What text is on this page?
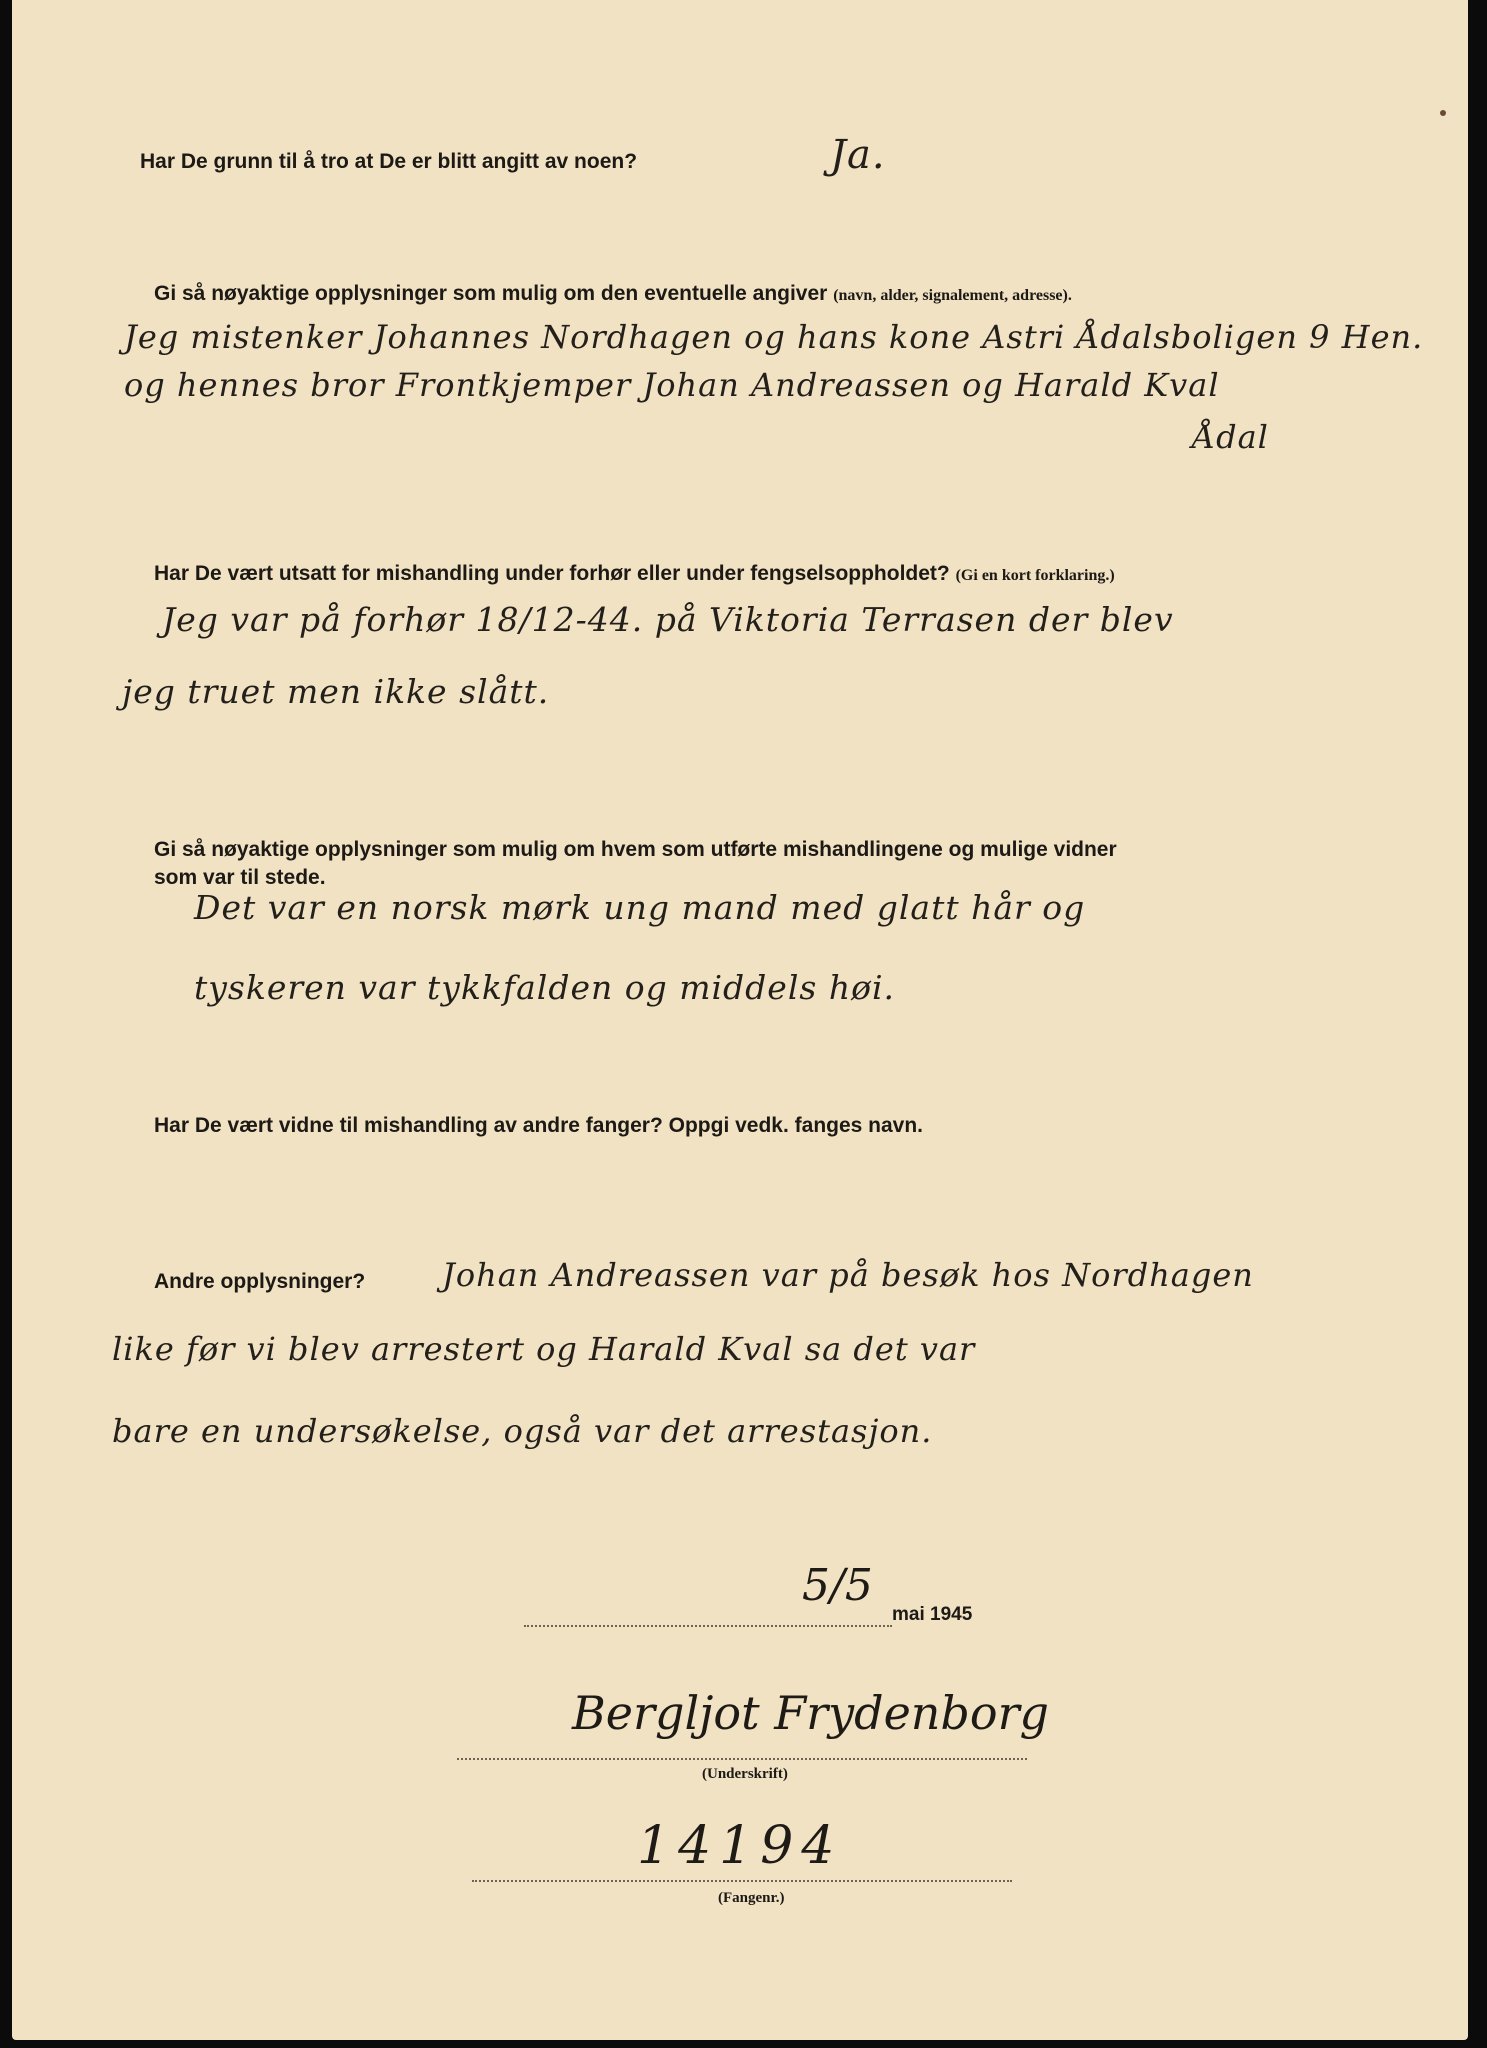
Har De grunn til å tro at De er blitt angitt av noen?	Ja.

Gi så nøyaktige opplysninger som mulig om den eventuelle angiver (navn, alder, signalement, adresse).

Jeg mistenker Johannes Nordhagen og hans kone Astri Ådalsboligen 9 Hen.

og hennes bror Frontkjemper Johan Andreassen og Harald Kval

Ådal

Har De vært utsatt for mishandling under forhør eller under fengselsoppholdet? (Gi en kort forklaring.)

Jeg var på forhør 18/12-44. på Viktoria Terrasen der blev

jeg truet men ikke slått.

Gi så nøyaktige opplysninger som mulig om hvem som utførte mishandlingene og mulige vidner

som var til stede.

Det var en norsk mørk ung mand med glatt hår og

tyskeren var tykkfalden og middels høi.

Har De vært vidne til mishandling av andre fanger? Oppgi vedk. fanges navn.

Andre opplysninger? Johan Andreassen var på besøk hos Nordhagen

like før vi blev arrestert og Harald Kval sa det var

bare en undersøkelse, også var det arrestasjon.

5/5

mai 1945

Bergljot Frydenborg

(Underskrift)

14194

(Fangenr.)
